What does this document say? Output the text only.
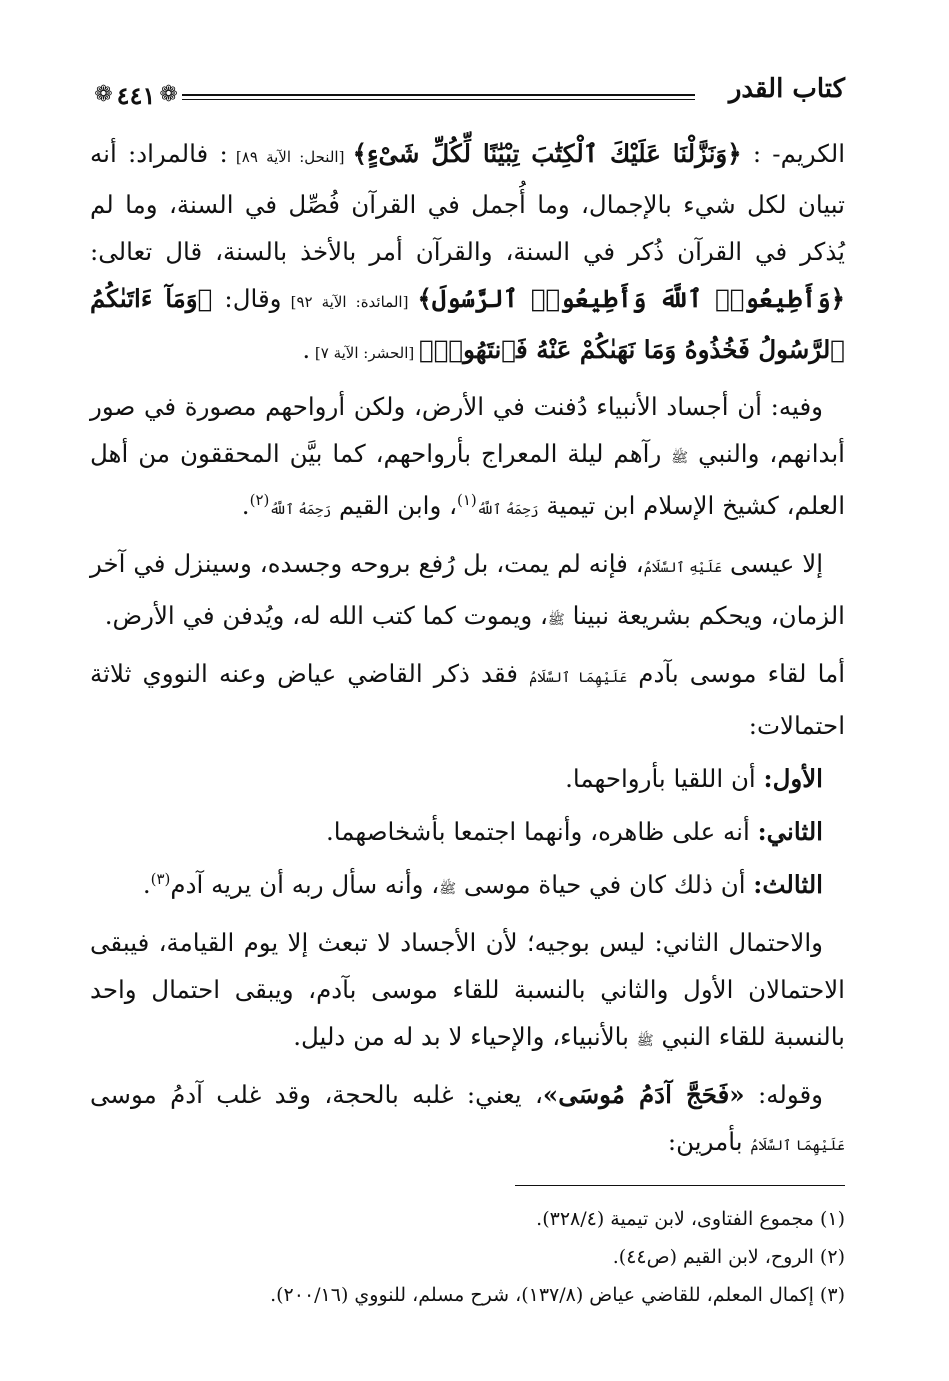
كتاب القدر
❁
٤٤١
❁

الكريم- : ﴿وَنَزَّلْنَا عَلَيْكَ ٱلْكِتَٰبَ تِبْيَٰنًا لِّكُلِّ شَىْءٍ﴾ [النحل: الآية ٨٩] : فالمراد: أنه تبيان لكل شيء بالإجمال، وما أُجمل في القرآن فُصِّل في السنة، وما لم يُذكر في القرآن ذُكر في السنة، والقرآن أمر بالأخذ بالسنة، قال تعالى: ﴿وَأَطِيعُوا۟ ٱللَّهَ وَأَطِيعُوا۟ ٱلرَّسُولَ﴾ [المائدة: الآية ٩٢] وقال: ﴿وَمَآ ءَاتَىٰكُمُ ٱلرَّسُولُ فَخُذُوهُ وَمَا نَهَىٰكُمْ عَنْهُ فَٱنتَهُوا۟﴾ [الحشر: الآية ٧] .

وفيه: أن أجساد الأنبياء دُفنت في الأرض، ولكن أرواحهم مصورة في صور أبدانهم، والنبي ﷺ رآهم ليلة المعراج بأرواحهم، كما بيَّن المحققون من أهل العلم، كشيخ الإسلام ابن تيمية رَحِمَهُ ٱللَّهُ$^{(١)}$، وابن القيم رَحِمَهُ ٱللَّهُ$^{(٢)}$.

إلا عيسى عَلَيْهِ ٱلسَّلَامُ، فإنه لم يمت، بل رُفع بروحه وجسده، وسينزل في آخر الزمان، ويحكم بشريعة نبينا ﷺ، ويموت كما كتب الله له، ويُدفن في الأرض.

أما لقاء موسى بآدم عَلَيْهِمَا ٱلسَّلَامُ فقد ذكر القاضي عياض وعنه النووي ثلاثة احتمالات:

الأول: أن اللقيا بأرواحهما.

الثاني: أنه على ظاهره، وأنهما اجتمعا بأشخاصهما.

الثالث: أن ذلك كان في حياة موسى ﷺ، وأنه سأل ربه أن يريه آدم$^{(٣)}$.

والاحتمال الثاني: ليس بوجيه؛ لأن الأجساد لا تبعث إلا يوم القيامة، فيبقى الاحتمالان الأول والثاني بالنسبة للقاء موسى بآدم، ويبقى احتمال واحد بالنسبة للقاء النبي ﷺ بالأنبياء، والإحياء لا بد له من دليل.

وقوله: «فَحَجَّ آدَمُ مُوسَى»، يعني: غلبه بالحجة، وقد غلب آدمُ موسى عَلَيْهِمَا ٱلسَّلَامُ بأمرين:

(١) مجموع الفتاوى، لابن تيمية (٣٢٨/٤).

(٢) الروح، لابن القيم (ص٤٤).

(٣) إكمال المعلم، للقاضي عياض (١٣٧/٨)، شرح مسلم، للنووي (٢٠٠/١٦).
